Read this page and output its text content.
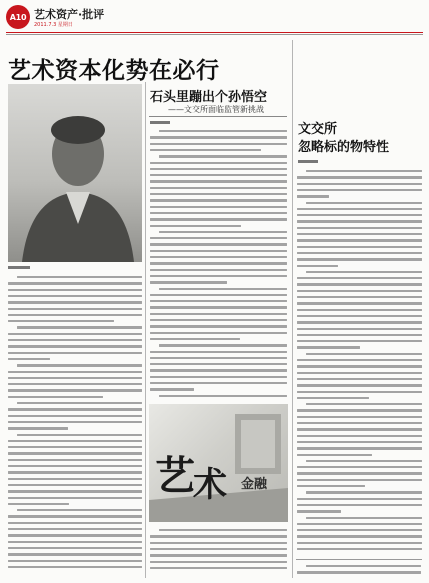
A10 艺术资产·批评
2011.7.3 星期日
艺术资本化势在必行
石头里蹦出个孙悟空
——文交所面临监管新挑战
艺
术 金融
文交所
忽略标的物特性
